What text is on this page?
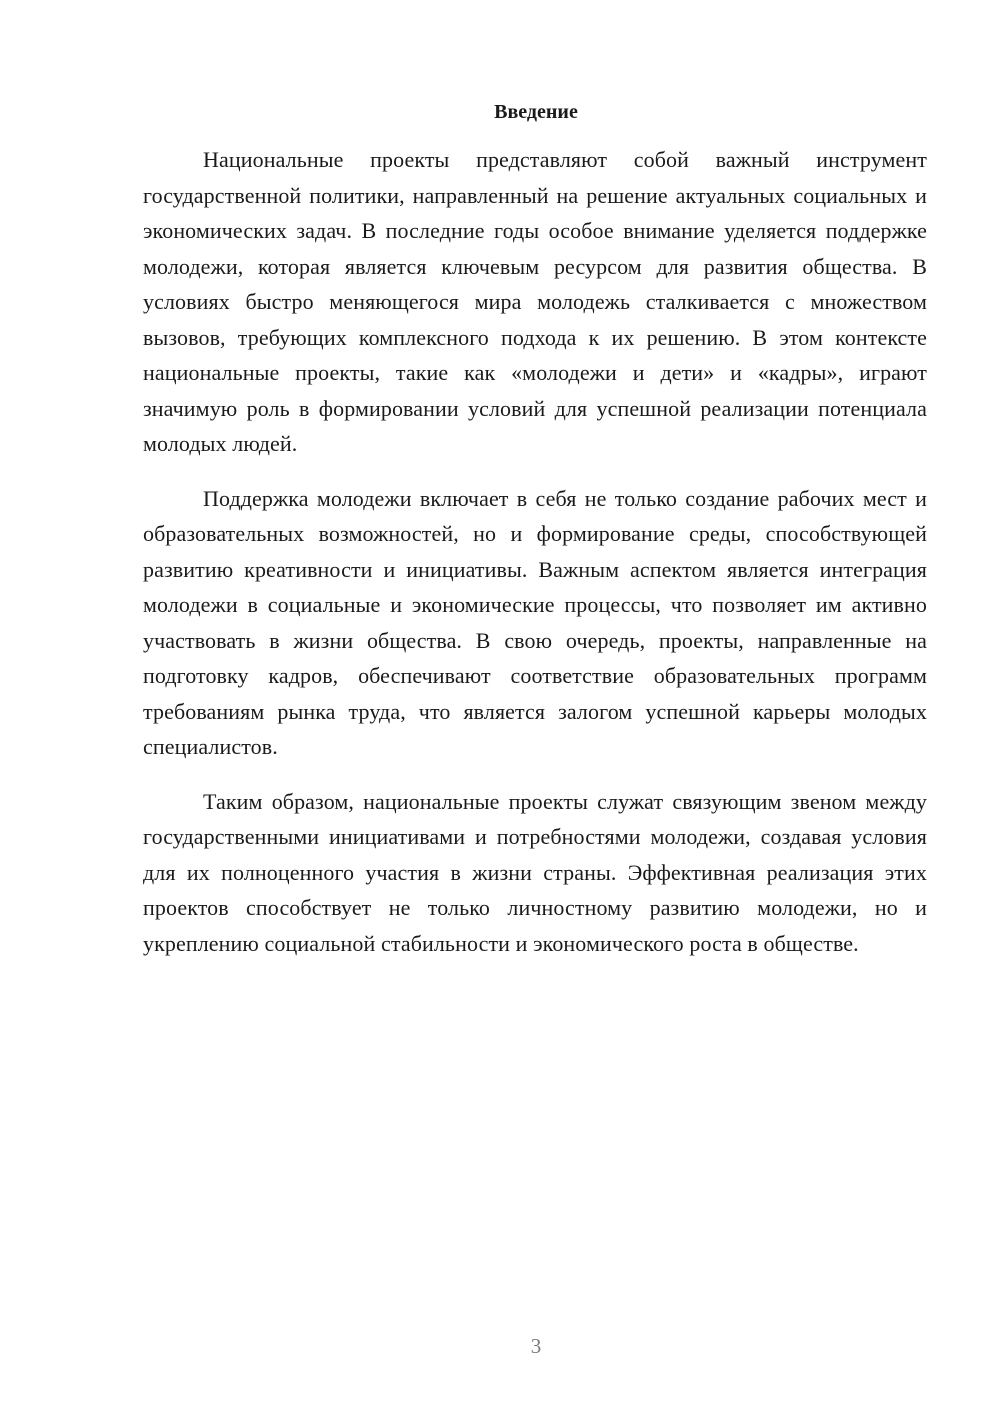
Введение

Национальные проекты представляют собой важный инструмент государственной политики, направленный на решение актуальных социальных и экономических задач. В последние годы особое внимание уделяется поддержке молодежи, которая является ключевым ресурсом для развития общества. В условиях быстро меняющегося мира молодежь сталкивается с множеством вызовов, требующих комплексного подхода к их решению. В этом контексте национальные проекты, такие как «молодежи и дети» и «кадры», играют значимую роль в формировании условий для успешной реализации потенциала молодых людей.

Поддержка молодежи включает в себя не только создание рабочих мест и образовательных возможностей, но и формирование среды, способствующей развитию креативности и инициативы. Важным аспектом является интеграция молодежи в социальные и экономические процессы, что позволяет им активно участвовать в жизни общества. В свою очередь, проекты, направленные на подготовку кадров, обеспечивают соответствие образовательных программ требованиям рынка труда, что является залогом успешной карьеры молодых специалистов.

Таким образом, национальные проекты служат связующим звеном между государственными инициативами и потребностями молодежи, создавая условия для их полноценного участия в жизни страны. Эффективная реализация этих проектов способствует не только личностному развитию молодежи, но и укреплению социальной стабильности и экономического роста в обществе.

3
